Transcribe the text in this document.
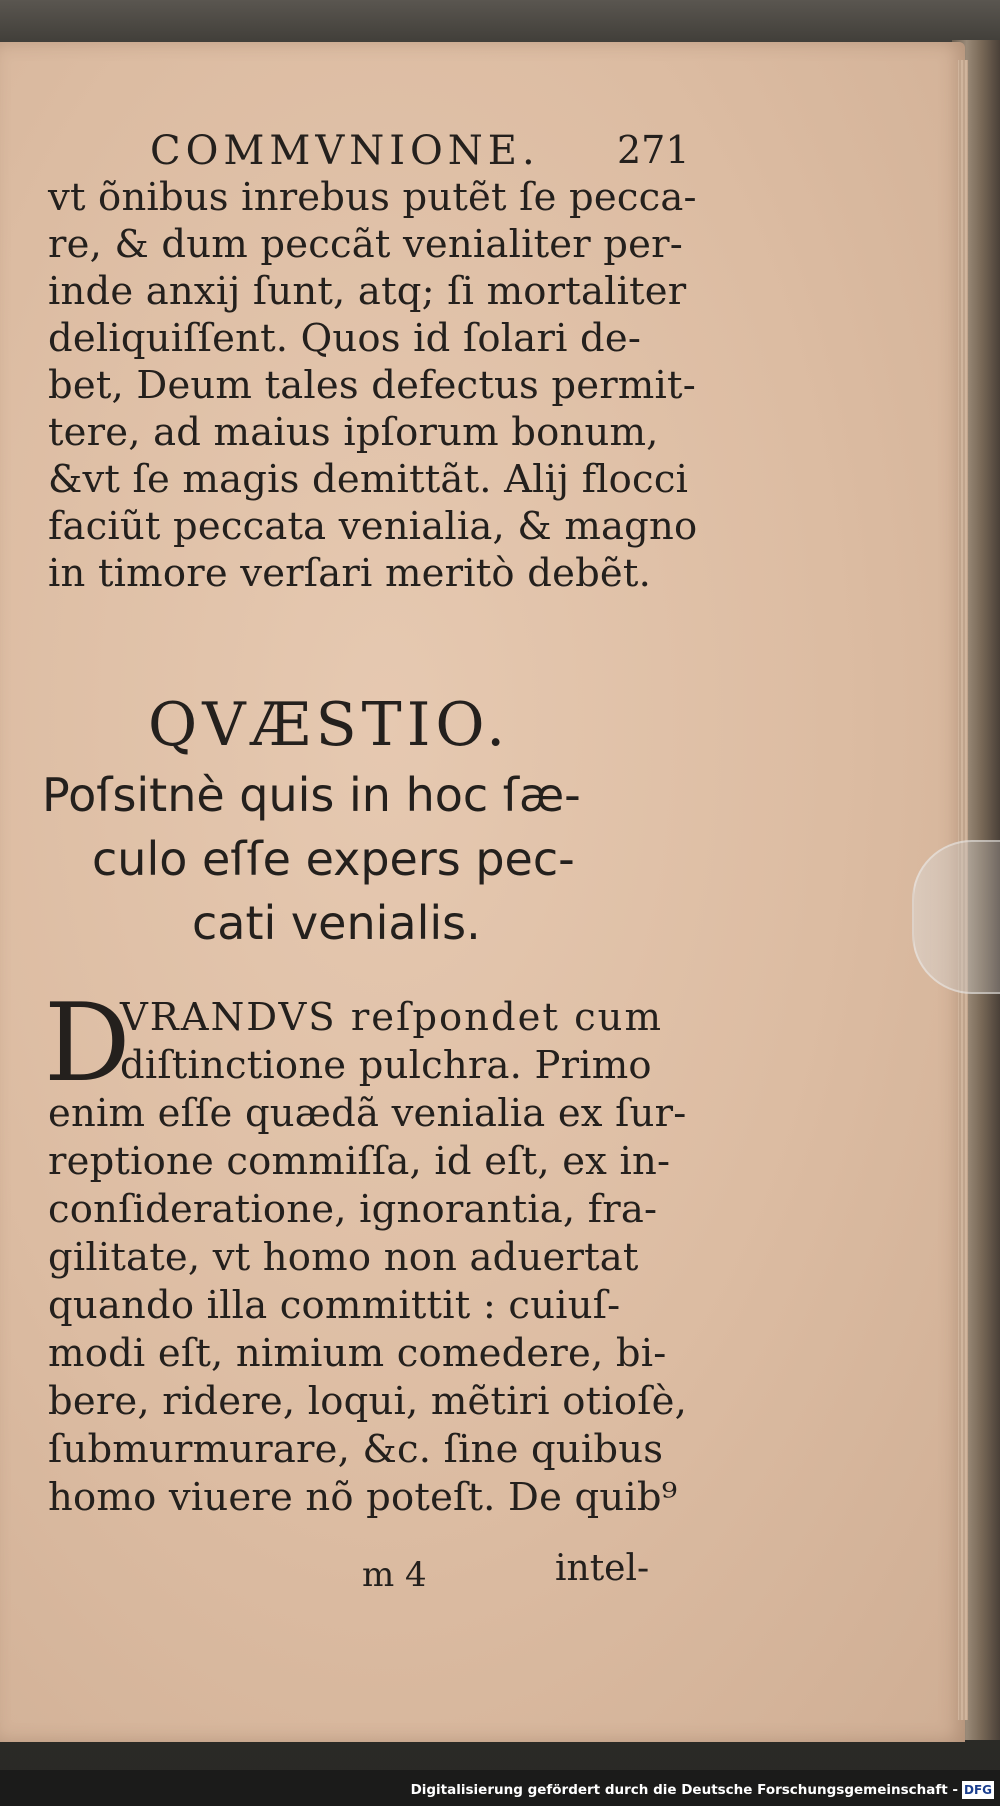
COMMVNIONE. 271
vt õnibus inrebus putẽt ſe pecca-
re, & dum peccãt venialiter per-
inde anxij ſunt, atq; ſi mortaliter
deliquiſſent. Quos id ſolari de-
bet, Deum tales defectus permit-
tere, ad maius ipſorum bonum,
&vt ſe magis demittãt. Alij flocci
faciũt peccata venialia, & magno
in timore verſari meritò debẽt.
QVÆSTIO.
Poſsitnè quis in hoc ſæ-
culo eſſe expers pec-
cati venialis.
D
VRANDVS reſpondet cum
diſtinctione pulchra. Primo
enim eſſe quædã venialia ex ſur-
reptione commiſſa, id eſt, ex in-
conſideratione, ignorantia, fra-
gilitate, vt homo non aduertat
quando illa committit : cuiuſ-
modi eſt, nimium comedere, bi-
bere, ridere, loqui, mẽtiri otioſè,
ſubmurmurare, &c. ſine quibus
homo viuere nõ poteſt. De quib⁹
m 4	intel-
Digitalisierung gefördert durch die Deutsche Forschungsgemeinschaft - DFG
